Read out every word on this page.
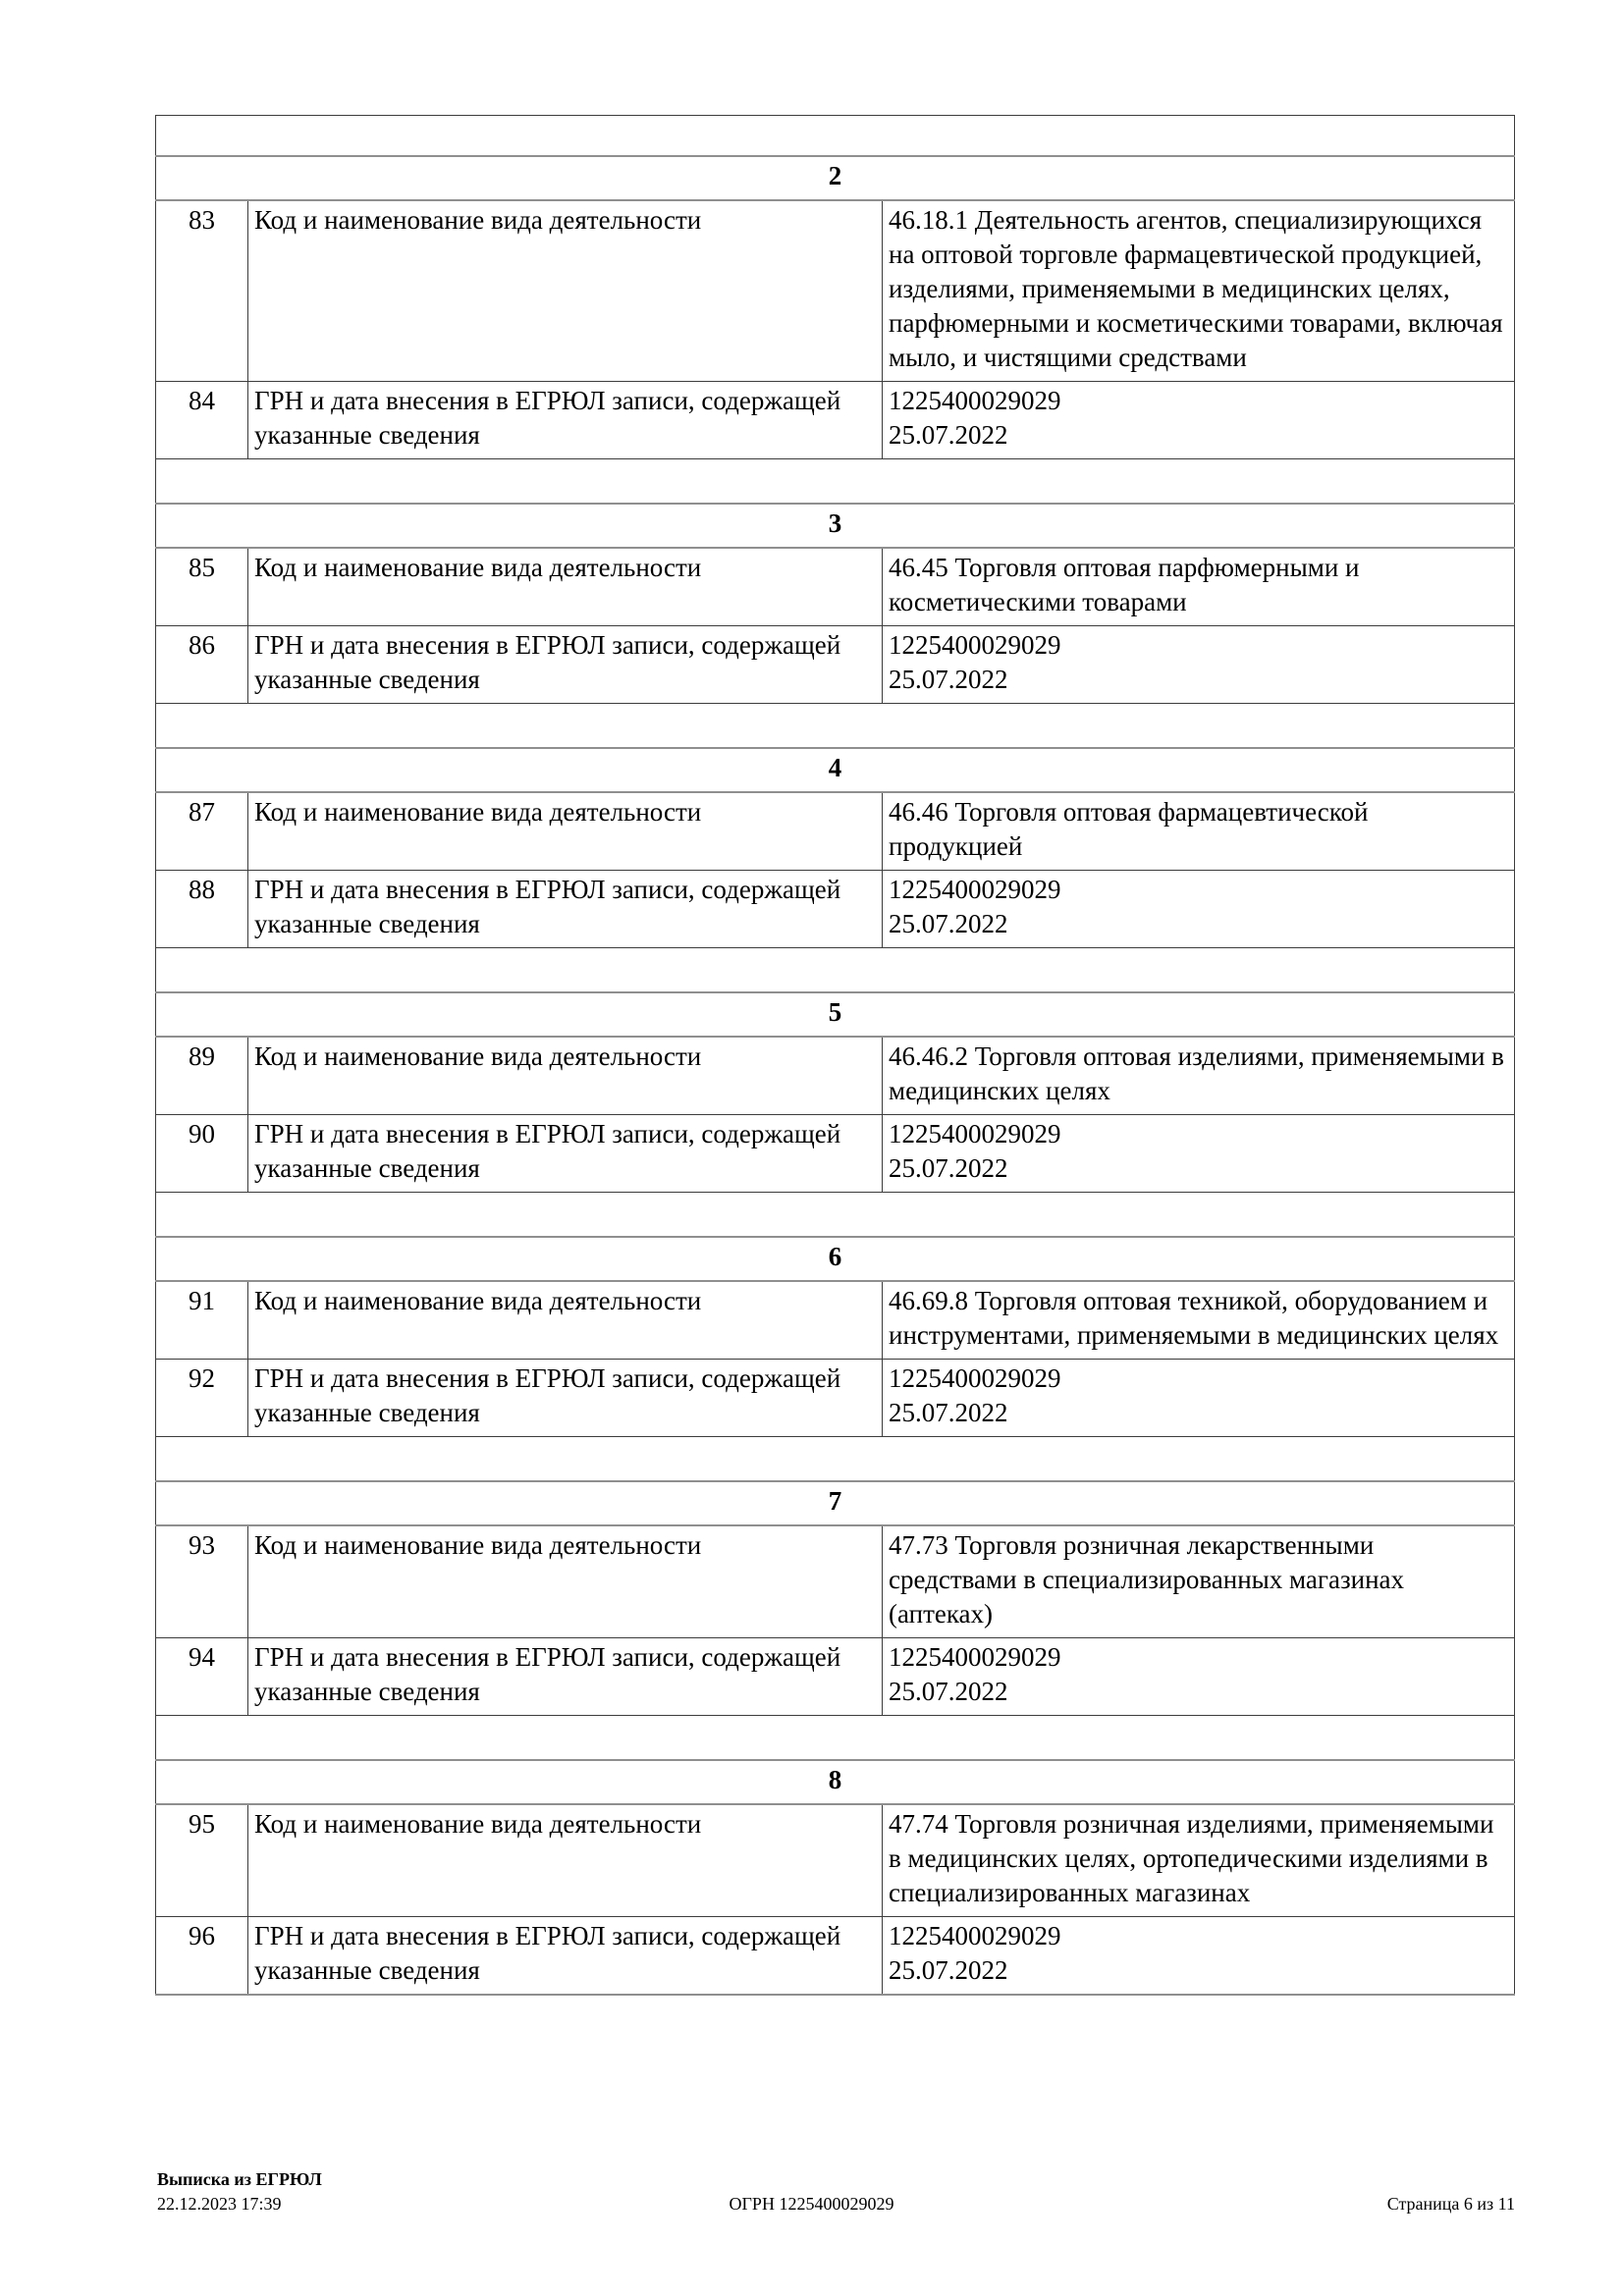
2		
83	Код и наименование вида деятельности	46.18.1 Деятельность агентов, специализирующихся на оптовой торговле фармацевтической продукцией, изделиями, применяемыми в медицинских целях, парфюмерными и косметическими товарами, включая мыло, и чистящими средствами
84	ГРН и дата внесения в ЕГРЮЛ записи, содержащей указанные сведения	1225400029029
25.07.2022

3		
85	Код и наименование вида деятельности	46.45 Торговля оптовая парфюмерными и косметическими товарами
86	ГРН и дата внесения в ЕГРЮЛ записи, содержащей указанные сведения	1225400029029
25.07.2022

4		
87	Код и наименование вида деятельности	46.46 Торговля оптовая фармацевтической продукцией
88	ГРН и дата внесения в ЕГРЮЛ записи, содержащей указанные сведения	1225400029029
25.07.2022

5		
89	Код и наименование вида деятельности	46.46.2 Торговля оптовая изделиями, применяемыми в медицинских целях
90	ГРН и дата внесения в ЕГРЮЛ записи, содержащей указанные сведения	1225400029029
25.07.2022

6		
91	Код и наименование вида деятельности	46.69.8 Торговля оптовая техникой, оборудованием и инструментами, применяемыми в медицинских целях
92	ГРН и дата внесения в ЕГРЮЛ записи, содержащей указанные сведения	1225400029029
25.07.2022

7		
93	Код и наименование вида деятельности	47.73 Торговля розничная лекарственными средствами в специализированных магазинах (аптеках)
94	ГРН и дата внесения в ЕГРЮЛ записи, содержащей указанные сведения	1225400029029
25.07.2022

8		
95	Код и наименование вида деятельности	47.74 Торговля розничная изделиями, применяемыми в медицинских целях, ортопедическими изделиями в специализированных магазинах
96	ГРН и дата внесения в ЕГРЮЛ записи, содержащей указанные сведения	1225400029029
25.07.2022
Выписка из ЕГРЮЛ
22.12.2023 17:39	ОГРН 1225400029029	Страница 6 из 11
